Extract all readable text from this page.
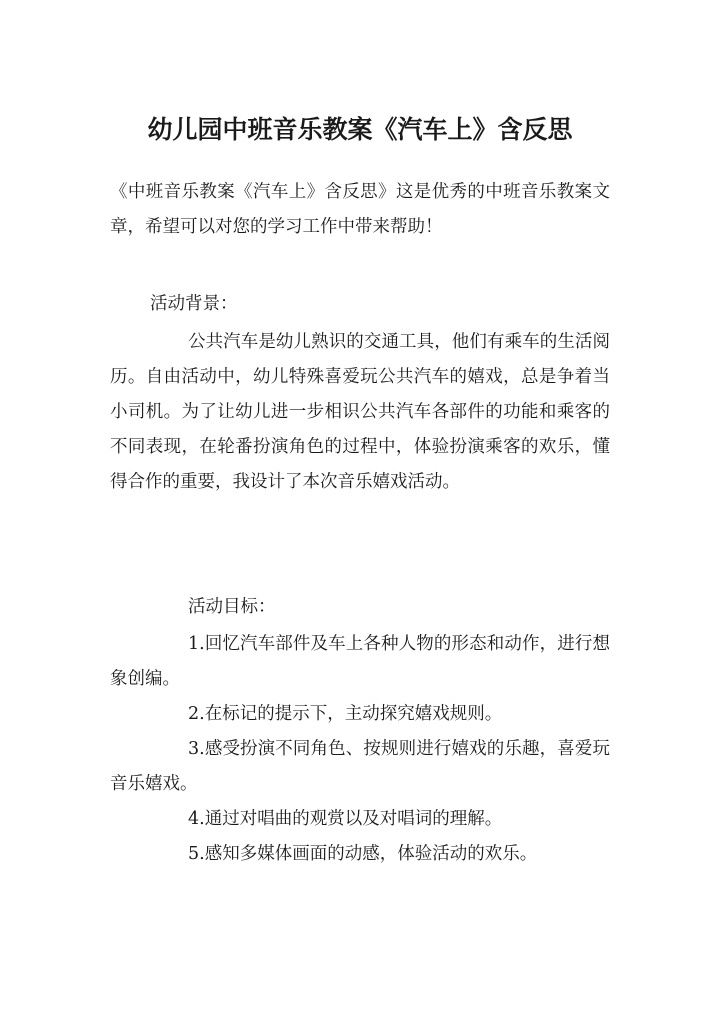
幼儿园中班音乐教案《汽车上》含反思

《中班音乐教案《汽车上》含反思》这是优秀的中班音乐教案文章，希望可以对您的学习工作中带来帮助！

活动背景：

公共汽车是幼儿熟识的交通工具，他们有乘车的生活阅历。自由活动中，幼儿特殊喜爱玩公共汽车的嬉戏，总是争着当小司机。为了让幼儿进一步相识公共汽车各部件的功能和乘客的不同表现，在轮番扮演角色的过程中，体验扮演乘客的欢乐，懂得合作的重要，我设计了本次音乐嬉戏活动。

活动目标：

1.回忆汽车部件及车上各种人物的形态和动作，进行想象创编。

2.在标记的提示下，主动探究嬉戏规则。

3.感受扮演不同角色、按规则进行嬉戏的乐趣，喜爱玩音乐嬉戏。

4.通过对唱曲的观赏以及对唱词的理解。

5.感知多媒体画面的动感，体验活动的欢乐。
